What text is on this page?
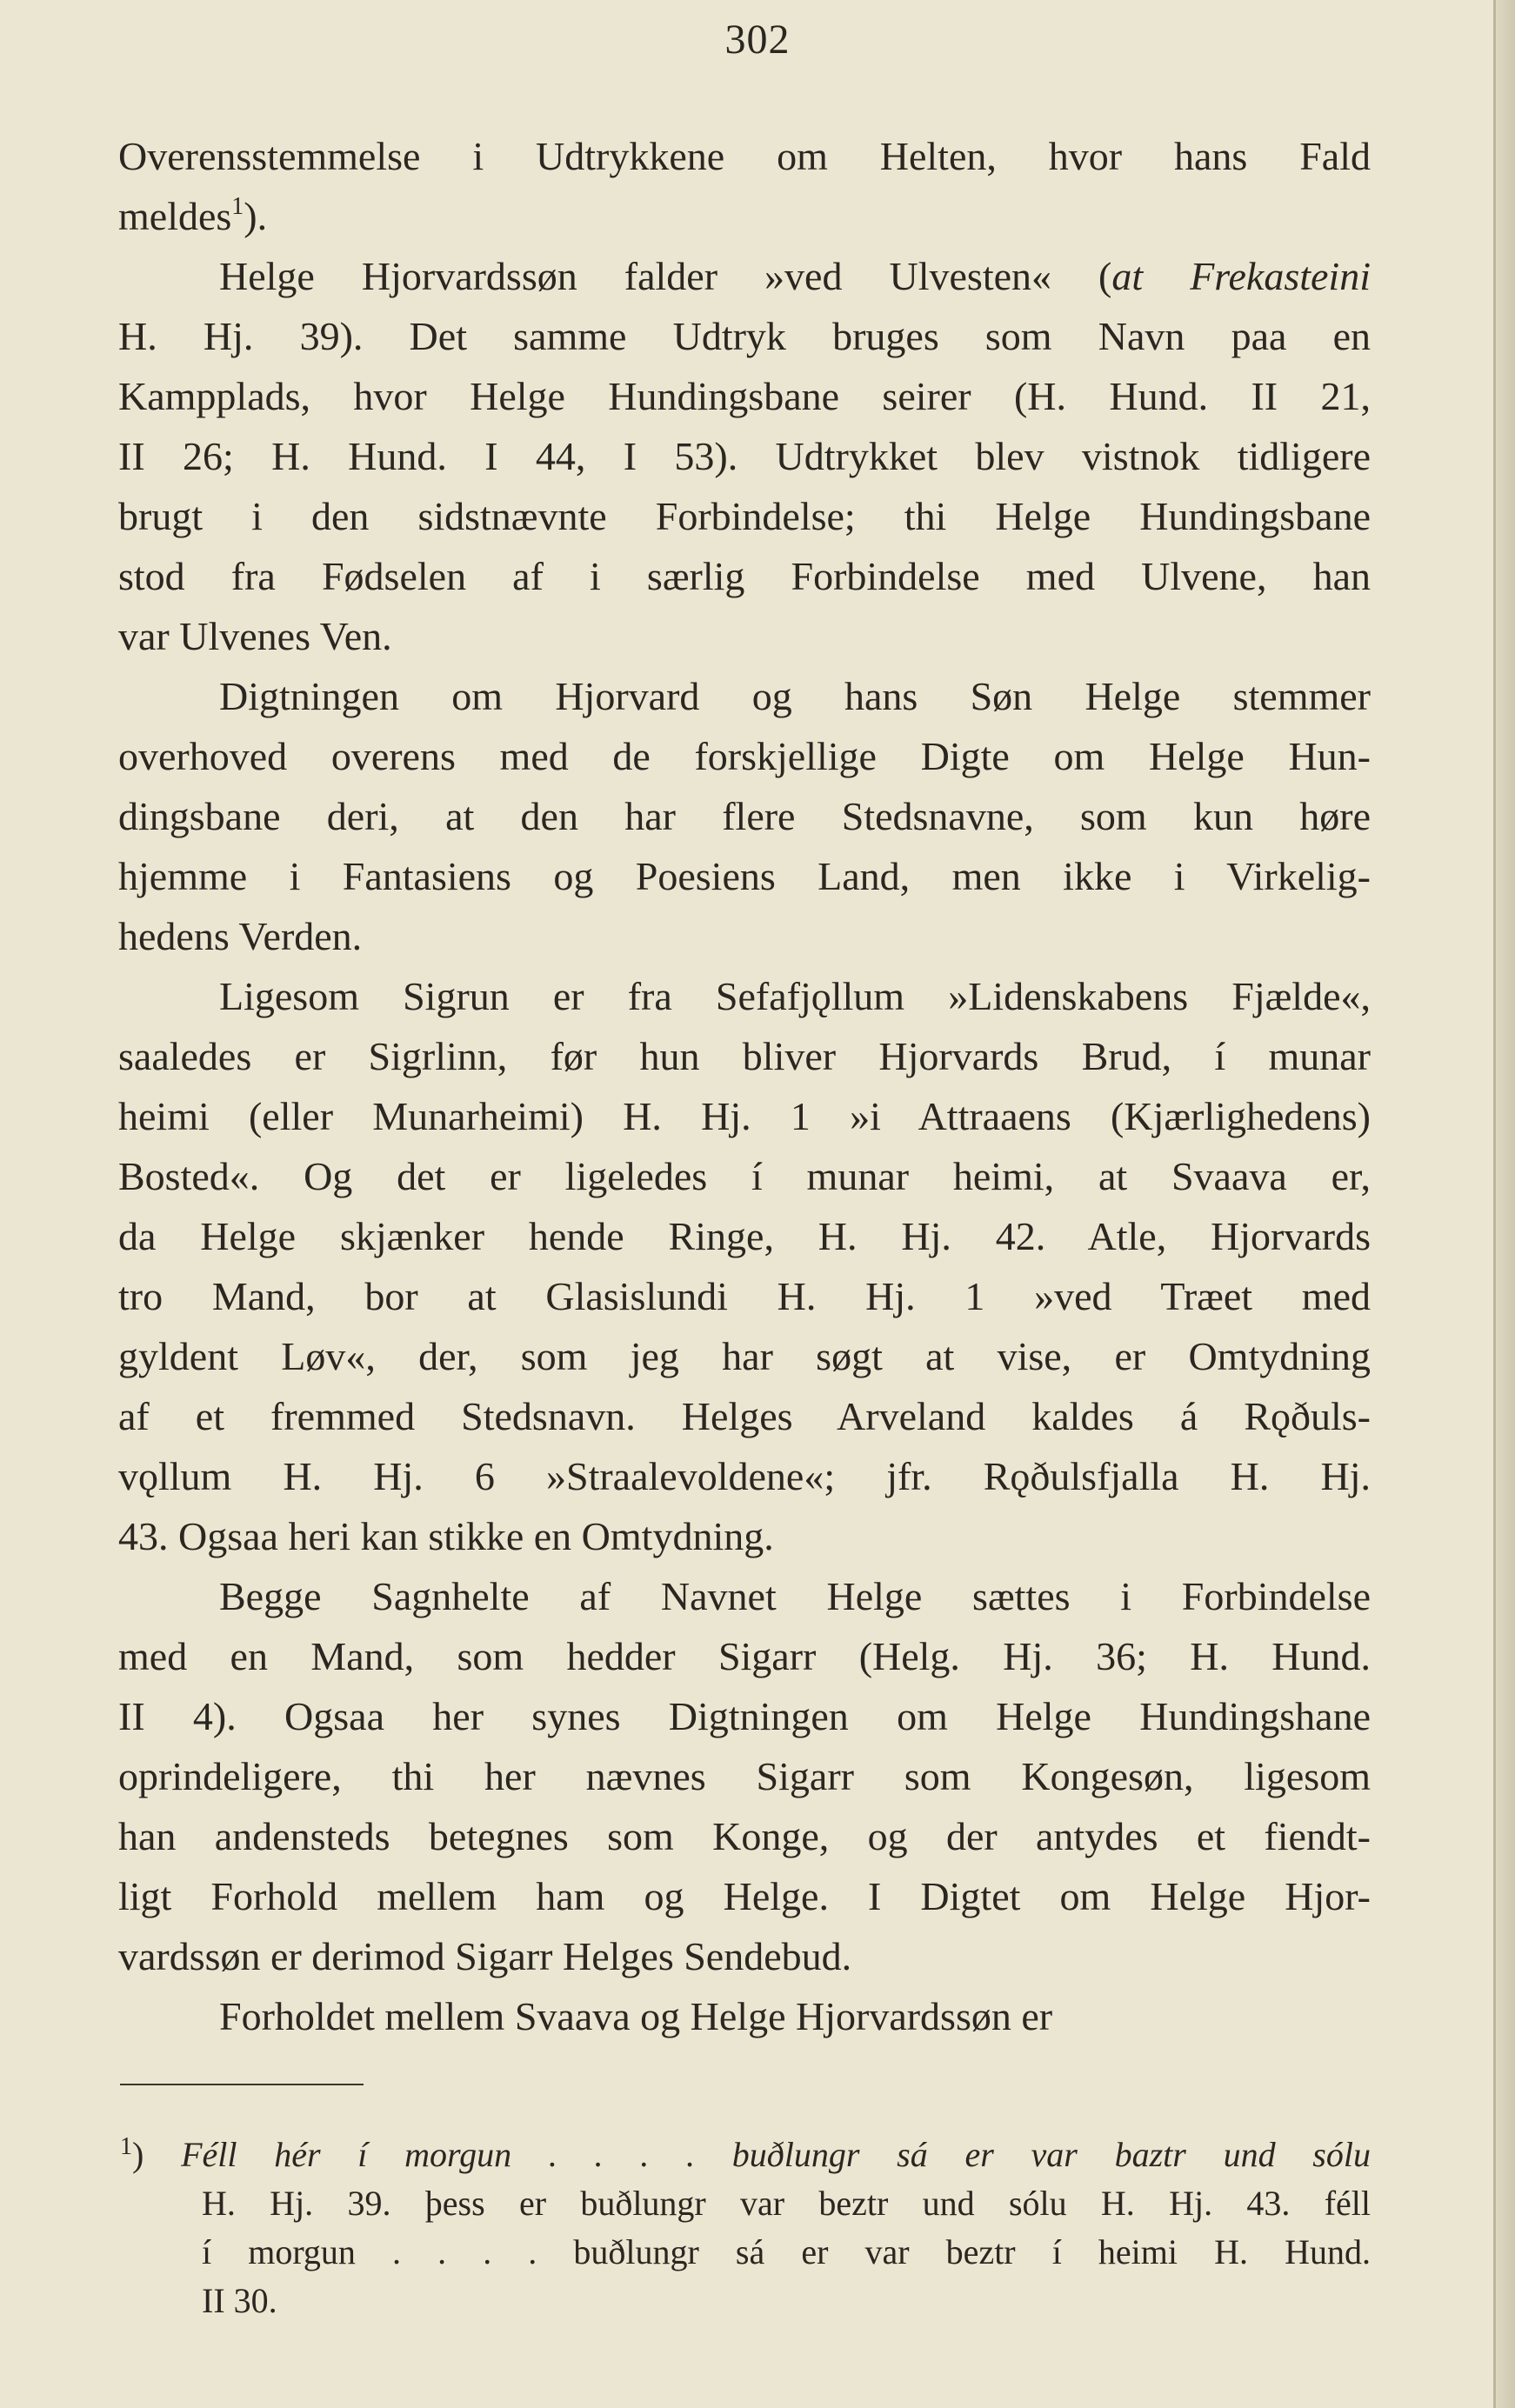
302
Overensstemmelse i Udtrykkene om Helten, hvor hans Fald
meldes$^1$).
Helge Hjorvardssøn falder »ved Ulvesten« (at Frekasteini
H. Hj. 39). Det samme Udtryk bruges som Navn paa en
Kampplads, hvor Helge Hundingsbane seirer (H. Hund. II 21,
II 26; H. Hund. I 44, I 53). Udtrykket blev vistnok tidligere
brugt i den sidstnævnte Forbindelse; thi Helge Hundingsbane
stod fra Fødselen af i særlig Forbindelse med Ulvene, han
var Ulvenes Ven.
Digtningen om Hjorvard og hans Søn Helge stemmer
overhoved overens med de forskjellige Digte om Helge Hun-
dingsbane deri, at den har flere Stedsnavne, som kun høre
hjemme i Fantasiens og Poesiens Land, men ikke i Virkelig-
hedens Verden.
Ligesom Sigrun er fra Sefafjǫllum »Lidenskabens Fjælde«,
saaledes er Sigrlinn, før hun bliver Hjorvards Brud, í munar
heimi (eller Munarheimi) H. Hj. 1 »i Attraaens (Kjærlighedens)
Bosted«. Og det er ligeledes í munar heimi, at Svaava er,
da Helge skjænker hende Ringe, H. Hj. 42. Atle, Hjorvards
tro Mand, bor at Glasislundi H. Hj. 1 »ved Træet med
gyldent Løv«, der, som jeg har søgt at vise, er Omtydning
af et fremmed Stedsnavn. Helges Arveland kaldes á Rǫðuls-
vǫllum H. Hj. 6 »Straalevoldene«; jfr. Rǫðulsfjalla H. Hj.
43. Ogsaa heri kan stikke en Omtydning.
Begge Sagnhelte af Navnet Helge sættes i Forbindelse
med en Mand, som hedder Sigarr (Helg. Hj. 36; H. Hund.
II 4). Ogsaa her synes Digtningen om Helge Hundingshane
oprindeligere, thi her nævnes Sigarr som Kongesøn, ligesom
han andensteds betegnes som Konge, og der antydes et fiendt-
ligt Forhold mellem ham og Helge. I Digtet om Helge Hjor-
vardssøn er derimod Sigarr Helges Sendebud.
Forholdet mellem Svaava og Helge Hjorvardssøn er
$^1$) Féll hér í morgun . . . . buðlungr sá er var baztr und sólu
H. Hj. 39. þess er buðlungr var beztr und sólu H. Hj. 43. féll
í morgun . . . . buðlungr sá er var beztr í heimi H. Hund.
II 30.
